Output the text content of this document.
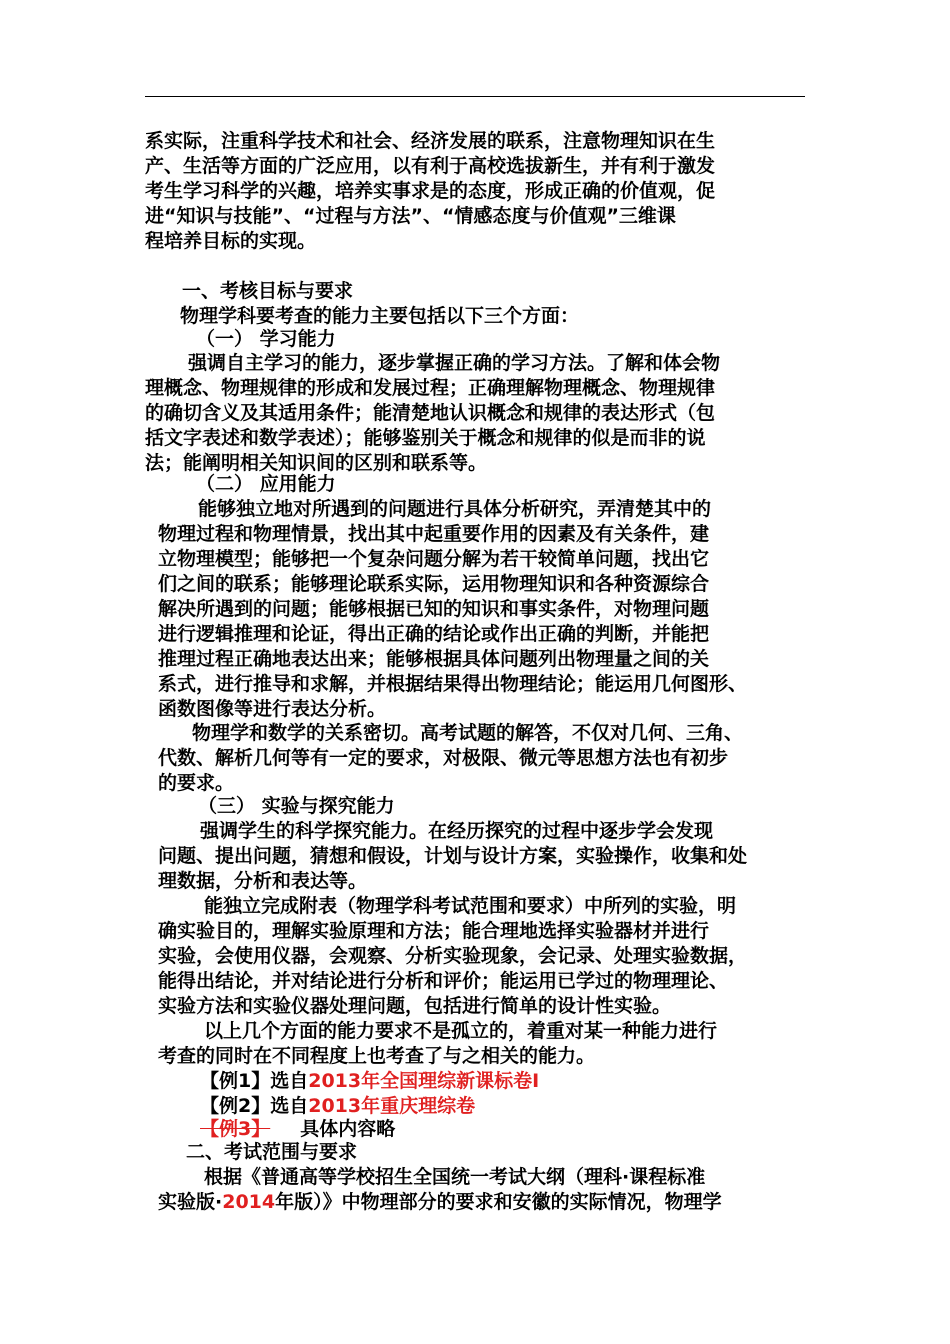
系实际，注重科学技术和社会、经济发展的联系，注意物理知识在生

产、生活等方面的广泛应用，以有利于高校选拔新生，并有利于激发

考生学习科学的兴趣，培养实事求是的态度，形成正确的价值观，促

进“知识与技能”、“过程与方法”、“情感态度与价值观”三维课

程培养目标的实现。

一、考核目标与要求

物理学科要考查的能力主要包括以下三个方面：

（一） 学习能力

强调自主学习的能力，逐步掌握正确的学习方法。了解和体会物

理概念、物理规律的形成和发展过程；正确理解物理概念、物理规律

的确切含义及其适用条件；能清楚地认识概念和规律的表达形式（包

括文字表述和数学表述）；能够鉴别关于概念和规律的似是而非的说

法；能阐明相关知识间的区别和联系等。

（二） 应用能力

能够独立地对所遇到的问题进行具体分析研究，弄清楚其中的

物理过程和物理情景，找出其中起重要作用的因素及有关条件，建

立物理模型；能够把一个复杂问题分解为若干较简单问题，找出它

们之间的联系；能够理论联系实际，运用物理知识和各种资源综合

解决所遇到的问题；能够根据已知的知识和事实条件，对物理问题

进行逻辑推理和论证，得出正确的结论或作出正确的判断，并能把

推理过程正确地表达出来；能够根据具体问题列出物理量之间的关

系式，进行推导和求解，并根据结果得出物理结论；能运用几何图形、

函数图像等进行表达分析。

物理学和数学的关系密切。高考试题的解答，不仅对几何、三角、

代数、解析几何等有一定的要求，对极限、微元等思想方法也有初步

的要求。

（三） 实验与探究能力

强调学生的科学探究能力。在经历探究的过程中逐步学会发现

问题、提出问题，猜想和假设，计划与设计方案，实验操作，收集和处

理数据，分析和表达等。

能独立完成附表（物理学科考试范围和要求）中所列的实验，明

确实验目的，理解实验原理和方法；能合理地选择实验器材并进行

实验，会使用仪器，会观察、分析实验现象，会记录、处理实验数据，

能得出结论，并对结论进行分析和评价；能运用已学过的物理理论、

实验方法和实验仪器处理问题，包括进行简单的设计性实验。

以上几个方面的能力要求不是孤立的，着重对某一种能力进行

考查的同时在不同程度上也考查了与之相关的能力。

【例1】选自2013年全国理综新课标卷Ⅰ

【例2】选自2013年重庆理综卷

【例3】 具体内容略

二、考试范围与要求

根据《普通高等学校招生全国统一考试大纲（理科·课程标准

实验版·2014年版）》中物理部分的要求和安徽的实际情况，物理学
